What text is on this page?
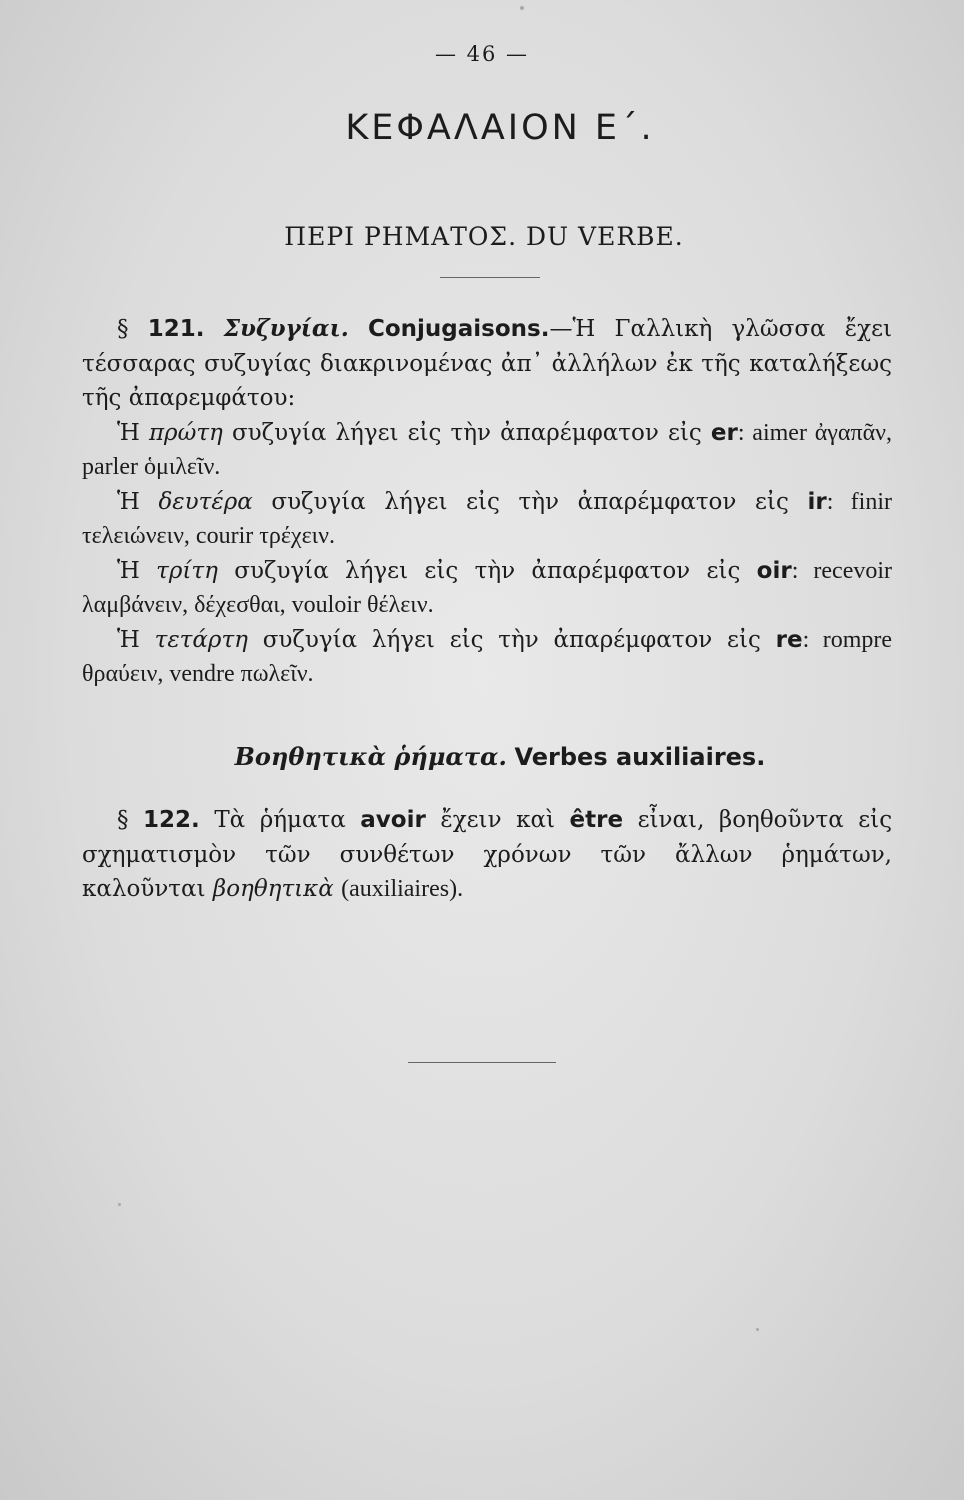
— 46 —
ΚΕΦΑΛΑΙΟΝ Ε΄.
ΠΕΡΙ ΡΗΜΑΤΟΣ. DU VERBE.

§ 121. Συζυγίαι. Conjugaisons.—Ἡ Γαλλικὴ γλῶσσα ἔχει τέσσαρας συζυγίας διακρινομένας ἀπ᾽ ἀλλήλων ἐκ τῆς καταλήξεως τῆς ἀπαρεμφάτου:

Ἡ πρώτη συζυγία λήγει εἰς τὴν ἀπαρέμφατον εἰς er: aimer ἀγαπᾶν, parler ὁμιλεῖν.

Ἡ δευτέρα συζυγία λήγει εἰς τὴν ἀπαρέμφατον εἰς ir: finir τελειώνειν, courir τρέχειν.

Ἡ τρίτη συζυγία λήγει εἰς τὴν ἀπαρέμφατον εἰς oir: recevoir λαμβάνειν, δέχεσθαι, vouloir θέλειν.

Ἡ τετάρτη συζυγία λήγει εἰς τὴν ἀπαρέμφατον εἰς re: rompre θραύειν, vendre πωλεῖν.

Βοηθητικὰ ῥήματα. Verbes auxiliaires.

§ 122. Τὰ ῥήματα avoir ἔχειν καὶ être εἶναι, βοηθοῦντα εἰς σχηματισμὸν τῶν συνθέτων χρόνων τῶν ἄλλων ῥημάτων, καλοῦνται βοηθητικὰ (auxiliaires).
